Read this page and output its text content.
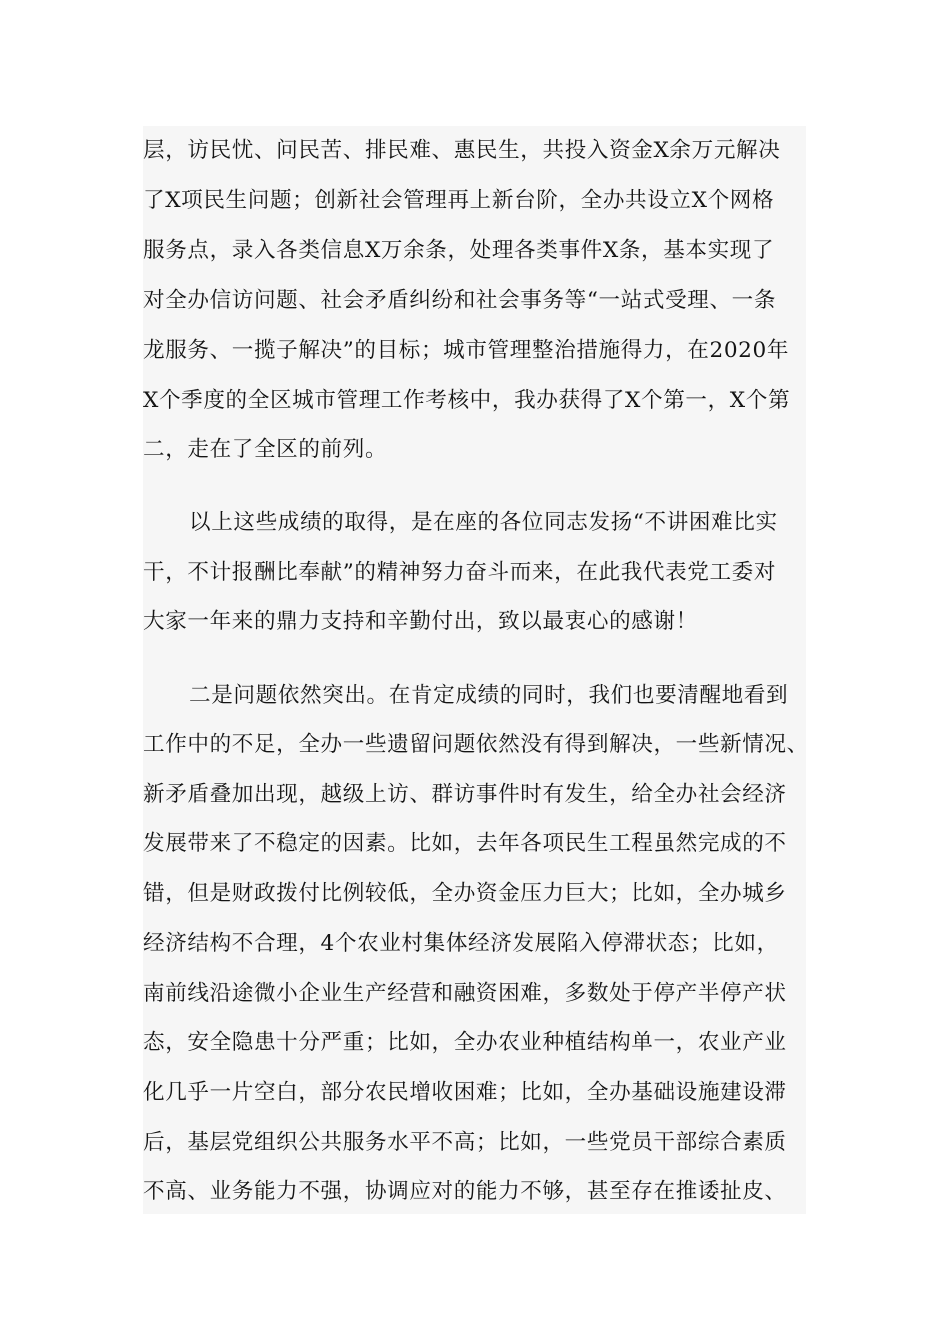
层，访民忧、问民苦、排民难、惠民生，共投入资金X余万元解决
了X项民生问题；创新社会管理再上新台阶，全办共设立X个网格
服务点，录入各类信息X万余条，处理各类事件X条，基本实现了
对全办信访问题、社会矛盾纠纷和社会事务等“一站式受理、一条
龙服务、一揽子解决”的目标；城市管理整治措施得力，在2020年
X个季度的全区城市管理工作考核中，我办获得了X个第一，X个第
二，走在了全区的前列。
以上这些成绩的取得，是在座的各位同志发扬“不讲困难比实
干，不计报酬比奉献”的精神努力奋斗而来，在此我代表党工委对
大家一年来的鼎力支持和辛勤付出，致以最衷心的感谢！
二是问题依然突出。在肯定成绩的同时，我们也要清醒地看到
工作中的不足，全办一些遗留问题依然没有得到解决，一些新情况、
新矛盾叠加出现，越级上访、群访事件时有发生，给全办社会经济
发展带来了不稳定的因素。比如，去年各项民生工程虽然完成的不
错，但是财政拨付比例较低，全办资金压力巨大；比如，全办城乡
经济结构不合理，4个农业村集体经济发展陷入停滞状态；比如，
南前线沿途微小企业生产经营和融资困难，多数处于停产半停产状
态，安全隐患十分严重；比如，全办农业种植结构单一，农业产业
化几乎一片空白，部分农民增收困难；比如，全办基础设施建设滞
后，基层党组织公共服务水平不高；比如，一些党员干部综合素质
不高、业务能力不强，协调应对的能力不够，甚至存在推诿扯皮、
